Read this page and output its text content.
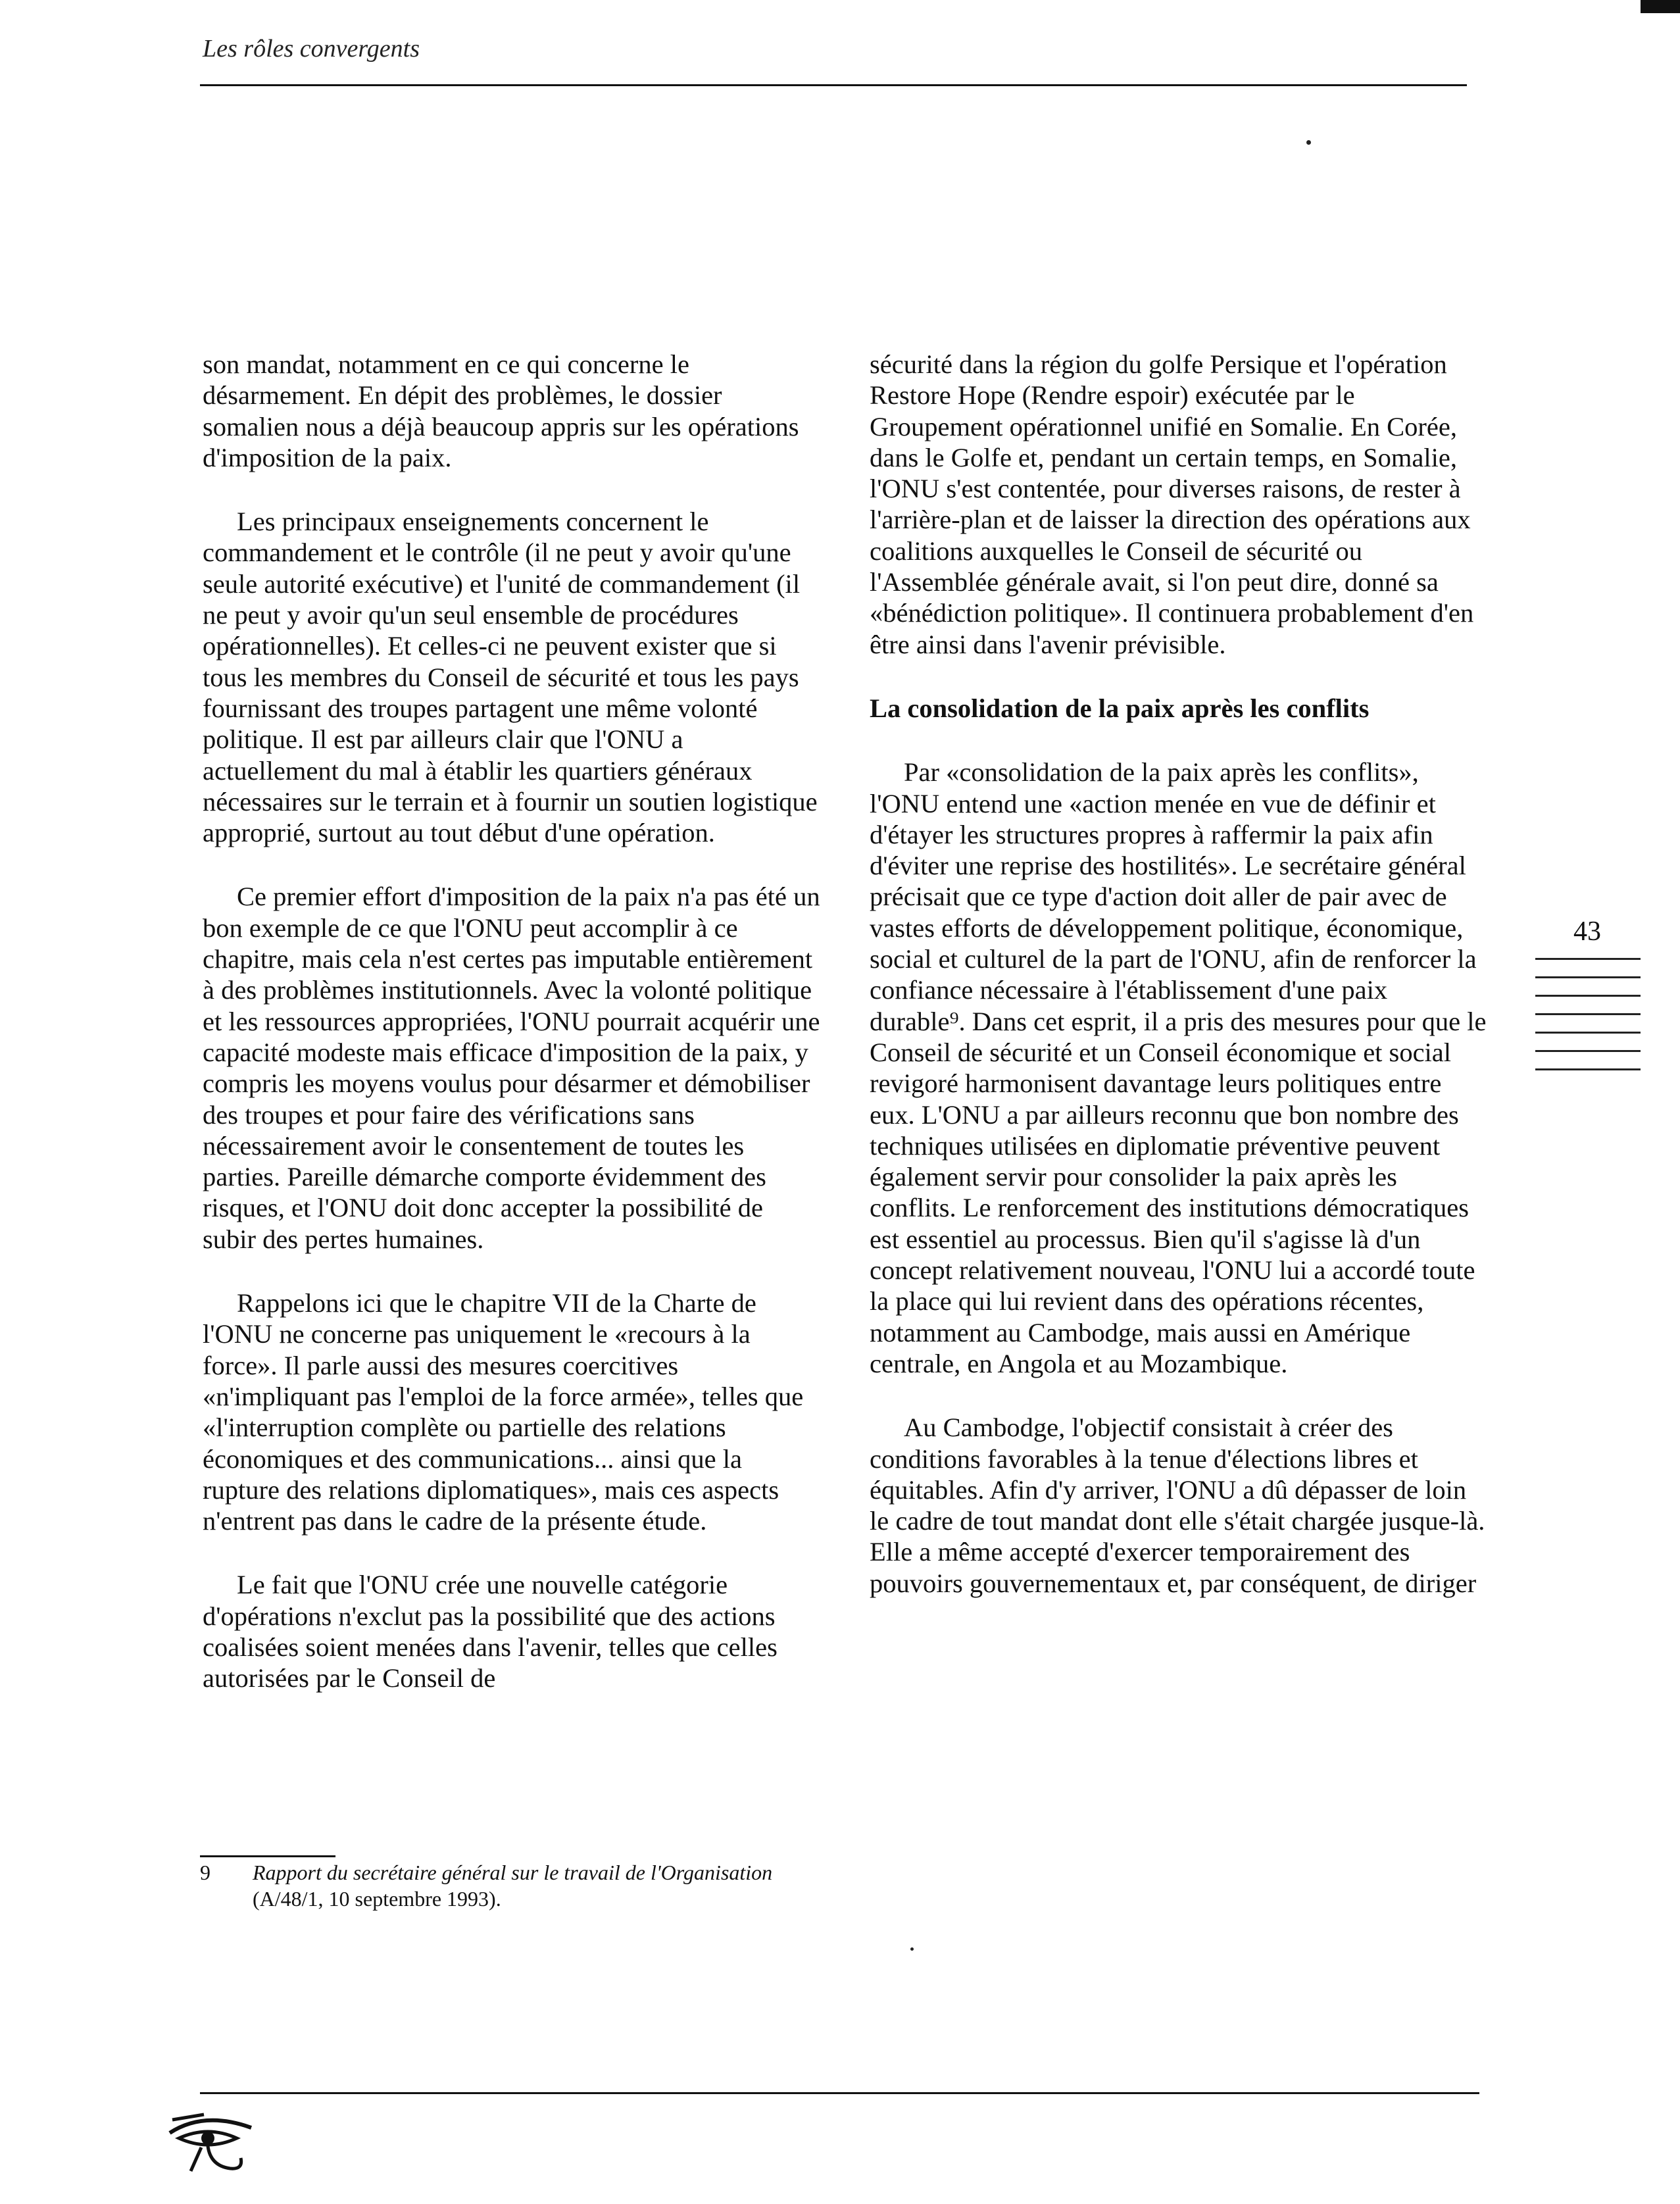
Les rôles convergents

son mandat, notamment en ce qui concerne le désarmement. En dépit des problèmes, le dossier somalien nous a déjà beaucoup appris sur les opérations d'imposition de la paix.

Les principaux enseignements concernent le commandement et le contrôle (il ne peut y avoir qu'une seule autorité exécutive) et l'unité de commandement (il ne peut y avoir qu'un seul ensemble de procédures opérationnelles). Et celles-ci ne peuvent exister que si tous les membres du Conseil de sécurité et tous les pays fournissant des troupes partagent une même volonté politique. Il est par ailleurs clair que l'ONU a actuellement du mal à établir les quartiers généraux nécessaires sur le terrain et à fournir un soutien logistique approprié, surtout au tout début d'une opération.

Ce premier effort d'imposition de la paix n'a pas été un bon exemple de ce que l'ONU peut accomplir à ce chapitre, mais cela n'est certes pas imputable entièrement à des problèmes institutionnels. Avec la volonté politique et les ressources appropriées, l'ONU pourrait acquérir une capacité modeste mais efficace d'imposition de la paix, y compris les moyens voulus pour désarmer et démobiliser des troupes et pour faire des vérifications sans nécessairement avoir le consentement de toutes les parties. Pareille démarche comporte évidemment des risques, et l'ONU doit donc accepter la possibilité de subir des pertes humaines.

Rappelons ici que le chapitre VII de la Charte de l'ONU ne concerne pas uniquement le «recours à la force». Il parle aussi des mesures coercitives «n'impliquant pas l'emploi de la force armée», telles que «l'interruption complète ou partielle des relations économiques et des communications... ainsi que la rupture des relations diplomatiques», mais ces aspects n'entrent pas dans le cadre de la présente étude.

Le fait que l'ONU crée une nouvelle catégorie d'opérations n'exclut pas la possibilité que des actions coalisées soient menées dans l'avenir, telles que celles autorisées par le Conseil de

sécurité dans la région du golfe Persique et l'opération Restore Hope (Rendre espoir) exécutée par le Groupement opérationnel unifié en Somalie. En Corée, dans le Golfe et, pendant un certain temps, en Somalie, l'ONU s'est contentée, pour diverses raisons, de rester à l'arrière-plan et de laisser la direction des opérations aux coalitions auxquelles le Conseil de sécurité ou l'Assemblée générale avait, si l'on peut dire, donné sa «bénédiction politique». Il continuera probablement d'en être ainsi dans l'avenir prévisible.

La consolidation de la paix après les conflits

Par «consolidation de la paix après les conflits», l'ONU entend une «action menée en vue de définir et d'étayer les structures propres à raffermir la paix afin d'éviter une reprise des hostilités». Le secrétaire général précisait que ce type d'action doit aller de pair avec de vastes efforts de développement politique, économique, social et culturel de la part de l'ONU, afin de renforcer la confiance nécessaire à l'établissement d'une paix durable⁹. Dans cet esprit, il a pris des mesures pour que le Conseil de sécurité et un Conseil économique et social revigoré harmonisent davantage leurs politiques entre eux. L'ONU a par ailleurs reconnu que bon nombre des techniques utilisées en diplomatie préventive peuvent également servir pour consolider la paix après les conflits. Le renforcement des institutions démocratiques est essentiel au processus. Bien qu'il s'agisse là d'un concept relativement nouveau, l'ONU lui a accordé toute la place qui lui revient dans des opérations récentes, notamment au Cambodge, mais aussi en Amérique centrale, en Angola et au Mozambique.

Au Cambodge, l'objectif consistait à créer des conditions favorables à la tenue d'élections libres et équitables. Afin d'y arriver, l'ONU a dû dépasser de loin le cadre de tout mandat dont elle s'était chargée jusque-là. Elle a même accepté d'exercer temporairement des pouvoirs gouvernementaux et, par conséquent, de diriger

43
9 Rapport du secrétaire général sur le travail de l'Organisation
(A/48/1, 10 septembre 1993).
